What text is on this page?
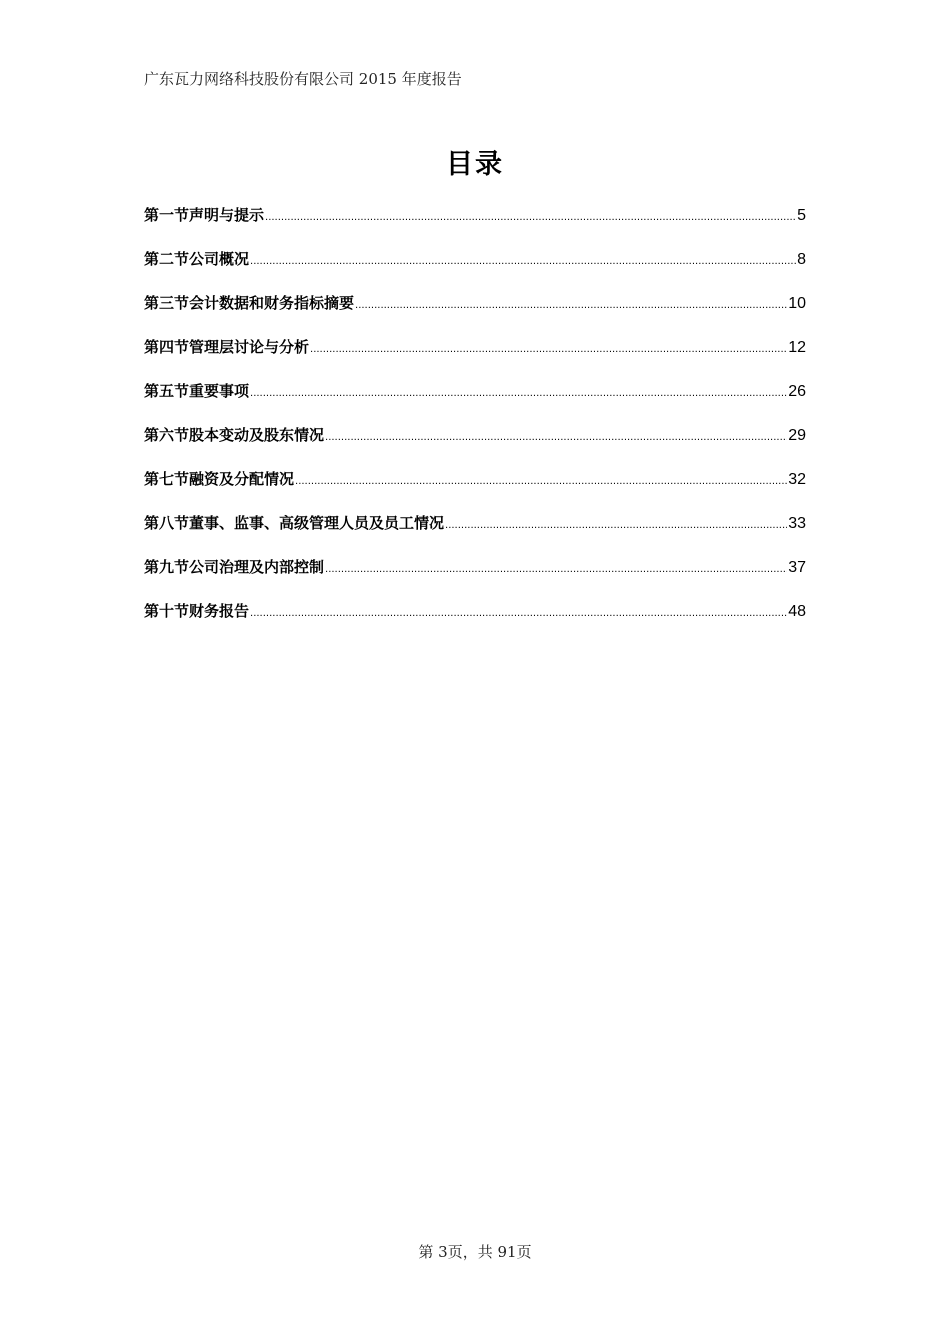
广东瓦力网络科技股份有限公司 2015 年度报告
目录
第一节声明与提示 .....	5
第二节公司概况 .....	8
第三节会计数据和财务指标摘要 .....	10
第四节管理层讨论与分析 .....	12
第五节重要事项 .....	26
第六节股本变动及股东情况 .....	29
第七节融资及分配情况 .....	32
第八节董事、监事、高级管理人员及员工情况 .....	33
第九节公司治理及内部控制 .....	37
第十节财务报告 .....	48
第 3页，共 91页
